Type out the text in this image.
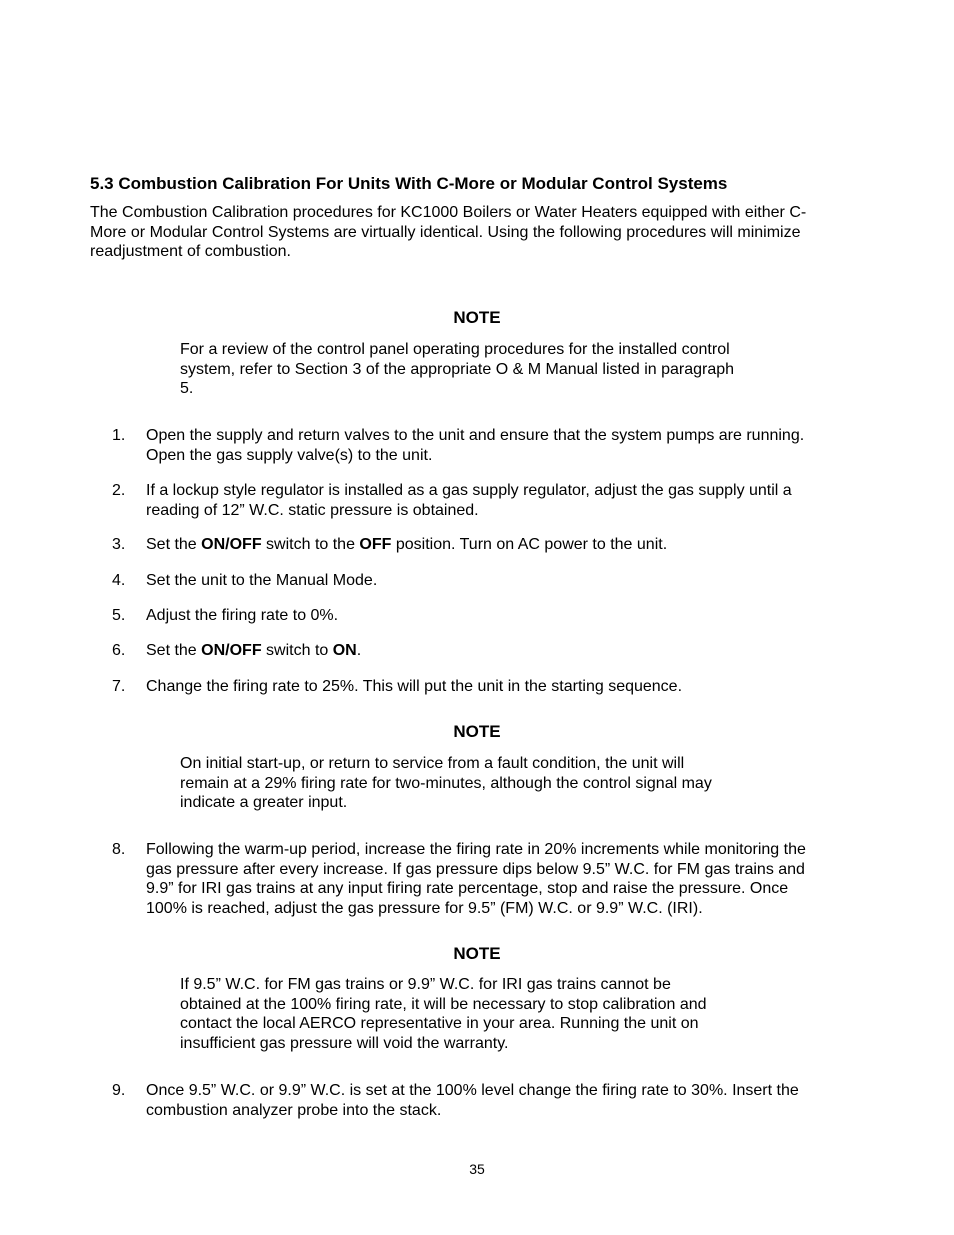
5.3 Combustion Calibration For Units With C-More or Modular Control Systems
The Combustion Calibration procedures for KC1000 Boilers or Water Heaters equipped with either C-
More or Modular Control Systems are virtually identical. Using the following procedures will minimize
readjustment of combustion.
NOTE
For a review of the control panel operating procedures for the installed control
system, refer to Section 3 of the appropriate O & M Manual listed in paragraph
5.
1.	Open the supply and return valves to the unit and ensure that the system pumps are running.
Open the gas supply valve(s) to the unit.
2.	If a lockup style regulator is installed as a gas supply regulator, adjust the gas supply until a
reading of 12” W.C. static pressure is obtained.
3.	Set the ON/OFF switch to the OFF position. Turn on AC power to the unit.
4.	Set the unit to the Manual Mode.
5.	Adjust the firing rate to 0%.
6.	Set the ON/OFF switch to ON.
7.	Change the firing rate to 25%. This will put the unit in the starting sequence.
NOTE
On initial start-up, or return to service from a fault condition, the unit will
remain at a 29% firing rate for two-minutes, although the control signal may
indicate a greater input.
8.	Following the warm-up period, increase the firing rate in 20% increments while monitoring the
gas pressure after every increase. If gas pressure dips below 9.5” W.C. for FM gas trains and
9.9” for IRI gas trains at any input firing rate percentage, stop and raise the pressure. Once
100% is reached, adjust the gas pressure for 9.5” (FM) W.C. or 9.9” W.C. (IRI).
NOTE
If 9.5” W.C. for FM gas trains or 9.9” W.C. for IRI gas trains cannot be
obtained at the 100% firing rate, it will be necessary to stop calibration and
contact the local AERCO representative in your area. Running the unit on
insufficient gas pressure will void the warranty.
9.	Once 9.5” W.C. or 9.9” W.C. is set at the 100% level change the firing rate to 30%. Insert the
combustion analyzer probe into the stack.
35
